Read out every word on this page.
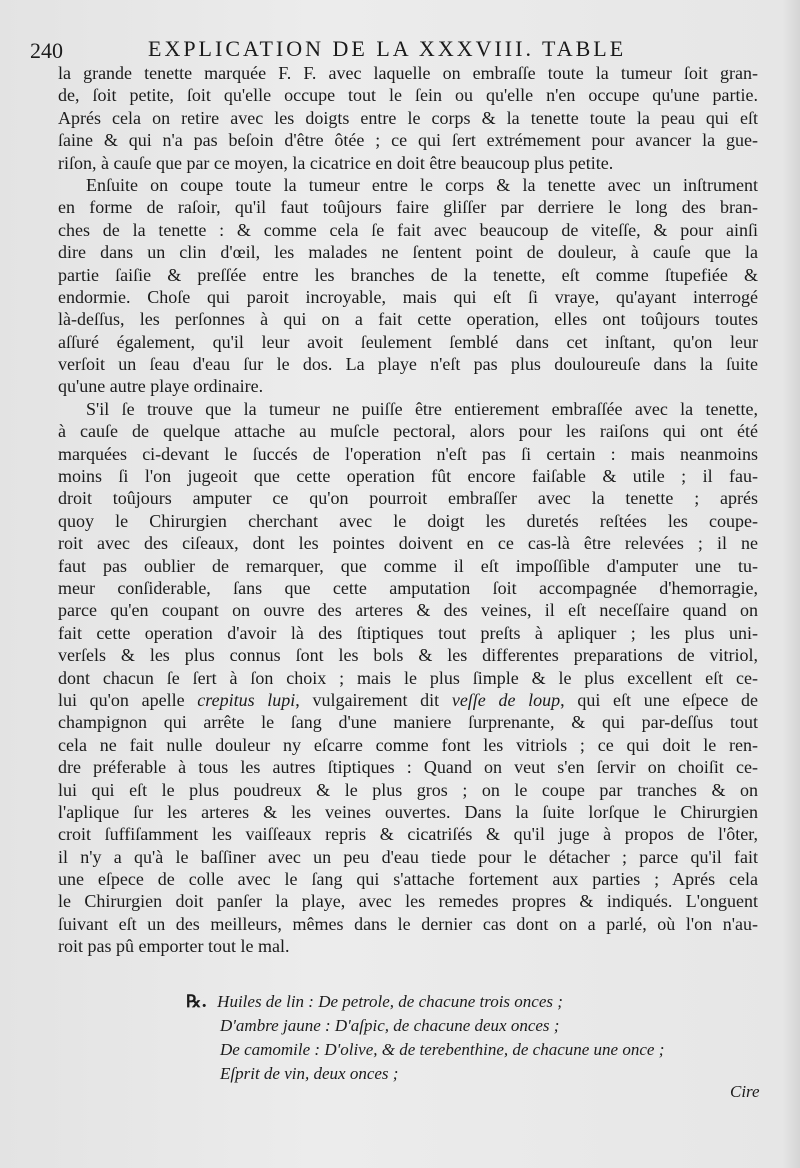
240	EXPLICATION DE LA XXXVIII. TABLE
la grande tenette marquée F. F. avec laquelle on embraſſe toute la tumeur ſoit gran-
de, ſoit petite, ſoit qu'elle occupe tout le ſein ou qu'elle n'en occupe qu'une partie.
Aprés cela on retire avec les doigts entre le corps & la tenette toute la peau qui eſt
ſaine & qui n'a pas beſoin d'être ôtée ; ce qui ſert extrémement pour avancer la gue-
riſon, à cauſe que par ce moyen, la cicatrice en doit être beaucoup plus petite.
Enſuite on coupe toute la tumeur entre le corps & la tenette avec un inſtrument
en forme de raſoir, qu'il faut toûjours faire gliſſer par derriere le long des bran-
ches de la tenette : & comme cela ſe fait avec beaucoup de viteſſe, & pour ainſi
dire dans un clin d'œil, les malades ne ſentent point de douleur, à cauſe que la
partie ſaiſie & preſſée entre les branches de la tenette, eſt comme ſtupefiée &
endormie. Choſe qui paroit incroyable, mais qui eſt ſi vraye, qu'ayant interrogé
là-deſſus, les perſonnes à qui on a fait cette operation, elles ont toûjours toutes
aſſuré également, qu'il leur avoit ſeulement ſemblé dans cet inſtant, qu'on leur
verſoit un ſeau d'eau ſur le dos. La playe n'eſt pas plus douloureuſe dans la ſuite
qu'une autre playe ordinaire.
S'il ſe trouve que la tumeur ne puiſſe être entierement embraſſée avec la tenette,
à cauſe de quelque attache au muſcle pectoral, alors pour les raiſons qui ont été
marquées ci-devant le ſuccés de l'operation n'eſt pas ſi certain : mais neanmoins
moins ſi l'on jugeoit que cette operation fût encore faiſable & utile ; il fau-
droit toûjours amputer ce qu'on pourroit embraſſer avec la tenette ; aprés
quoy le Chirurgien cherchant avec le doigt les duretés reſtées les coupe-
roit avec des ciſeaux, dont les pointes doivent en ce cas-là être relevées ; il ne
faut pas oublier de remarquer, que comme il eſt impoſſible d'amputer une tu-
meur conſiderable, ſans que cette amputation ſoit accompagnée d'hemorragie,
parce qu'en coupant on ouvre des arteres & des veines, il eſt neceſſaire quand on
fait cette operation d'avoir là des ſtiptiques tout preſts à apliquer ; les plus uni-
verſels & les plus connus ſont les bols & les differentes preparations de vitriol,
dont chacun ſe ſert à ſon choix ; mais le plus ſimple & le plus excellent eſt ce-
lui qu'on apelle crepitus lupi, vulgairement dit veſſe de loup, qui eſt une eſpece de
champignon qui arrête le ſang d'une maniere ſurprenante, & qui par-deſſus tout
cela ne fait nulle douleur ny eſcarre comme font les vitriols ; ce qui doit le ren-
dre préferable à tous les autres ſtiptiques : Quand on veut s'en ſervir on choiſit ce-
lui qui eſt le plus poudreux & le plus gros ; on le coupe par tranches & on
l'aplique ſur les arteres & les veines ouvertes. Dans la ſuite lorſque le Chirurgien
croit ſuffiſamment les vaiſſeaux repris & cicatriſés & qu'il juge à propos de l'ôter,
il n'y a qu'à le baſſiner avec un peu d'eau tiede pour le détacher ; parce qu'il fait
une eſpece de colle avec le ſang qui s'attache fortement aux parties ; Aprés cela
le Chirurgien doit panſer la playe, avec les remedes propres & indiqués. L'onguent
ſuivant eſt un des meilleurs, mêmes dans le dernier cas dont on a parlé, où l'on n'au-
roit pas pû emporter tout le mal.
℞. Huiles de lin : De petrole, de chacune trois onces ;
D'ambre jaune : D'aſpic, de chacune deux onces ;
De camomile : D'olive, & de terebenthine, de chacune une once ;
Eſprit de vin, deux onces ;
Cire
